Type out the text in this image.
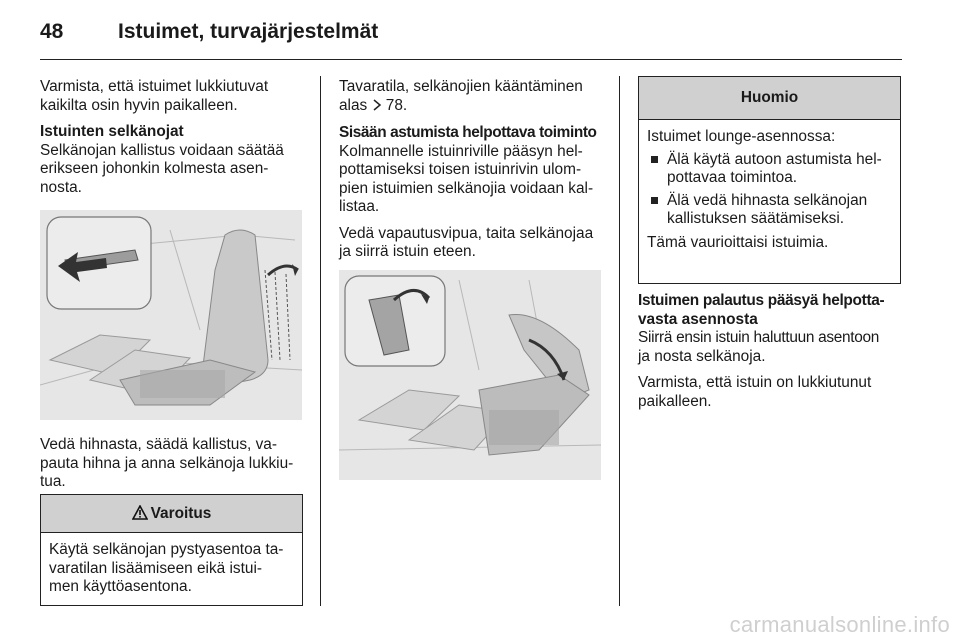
48	Istuimet, turvajärjestelmät

Varmista, että istuimet lukkiutuvat
kaikilta osin hyvin paikalleen.

Istuinten selkänojat
Selkänojan kallistus voidaan säätää
erikseen johonkin kolmesta asen-
nosta.

Vedä hihnasta, säädä kallistus, va-
pauta hihna ja anna selkänoja lukkiu-
tua.

Varoitus
Käytä selkänojan pystyasentoa ta-
varatilan lisäämiseen eikä istui-
men käyttöasentona.

Tavaratila, selkänojien kääntäminen
alas 78.

Sisään astumista helpottava toiminto
Kolmannelle istuinriville pääsyn hel-
pottamiseksi toisen istuinrivin ulom-
pien istuimien selkänojia voidaan kal-
listaa.

Vedä vapautusvipua, taita selkänojaa
ja siirrä istuin eteen.

Huomio
Istuimet lounge-asennossa:
Älä käytä autoon astumista hel-
pottavaa toimintoa.
Älä vedä hihnasta selkänojan
kallistuksen säätämiseksi.
Tämä vaurioittaisi istuimia.

Istuimen palautus pääsyä helpotta-
vasta asennosta
Siirrä ensin istuin haluttuun asentoon
ja nosta selkänoja.

Varmista, että istuin on lukkiutunut
paikalleen.

carmanualsonline.info
